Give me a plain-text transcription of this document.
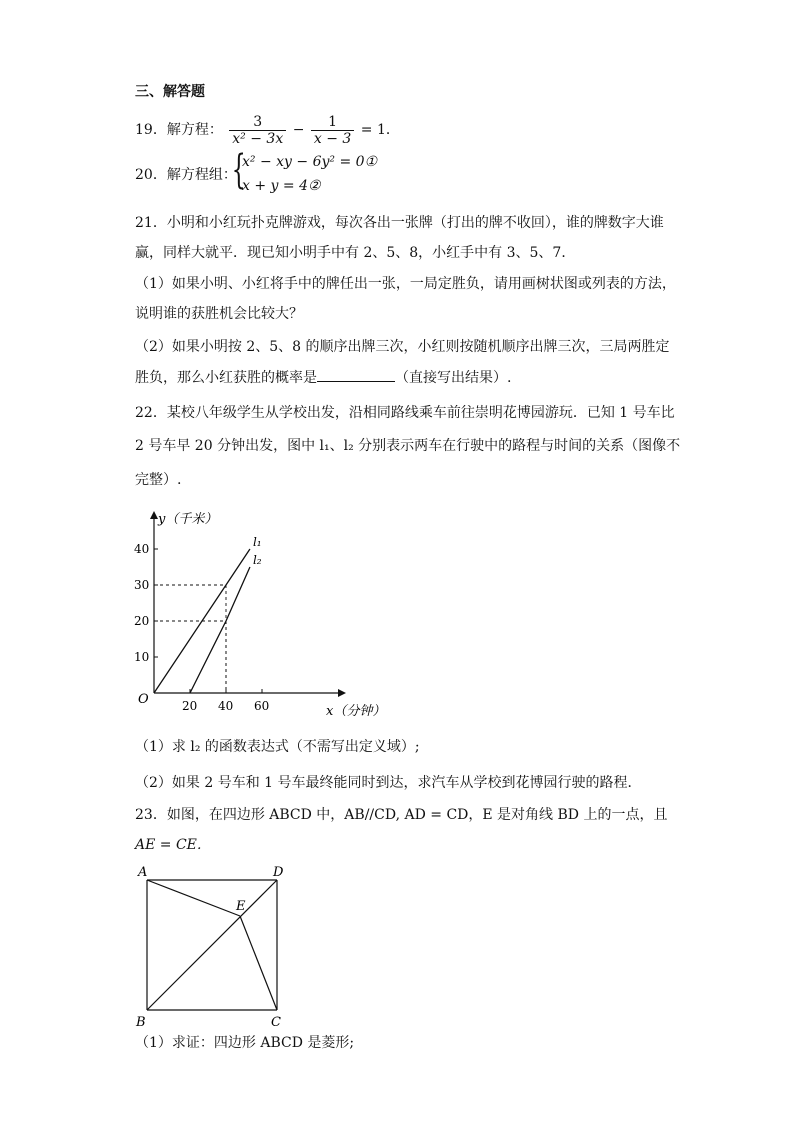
三、解答题
19．解方程： $\frac{3}{\text{x² − 3x}} - \frac{1}{x - 3} = 1$．
20．解方程组：
{
x² − xy − 6y² = 0①
x + y = 4②
21．小明和小红玩扑克牌游戏，每次各出一张牌（打出的牌不收回），谁的牌数字大谁
赢，同样大就平．现已知小明手中有 2、5、8，小红手中有 3、5、7．
（1）如果小明、小红将手中的牌任出一张，一局定胜负，请用画树状图或列表的方法，
说明谁的获胜机会比较大？
（2）如果小明按 2、5、8 的顺序出牌三次，小红则按随机顺序出牌三次，三局两胜定
胜负，那么小红获胜的概率是	（直接写出结果）.
22．某校八年级学生从学校出发，沿相同路线乘车前往崇明花博园游玩．已知 1 号车比
2 号车早 20 分钟出发，图中 l₁、l₂ 分别表示两车在行驶中的路程与时间的关系（图像不
完整）.
10
20
30
40
20 40 60
l₁
l₂
y（千米）
x（分钟）
O
（1）求 l₂ 的函数表达式（不需写出定义域）;
（2）如果 2 号车和 1 号车最终能同时到达，求汽车从学校到花博园行驶的路程．
23．如图，在四边形 ABCD 中，AB//CD, AD = CD，E 是对角线 BD 上的一点，且
AE = CE．
A	D
E
B	C
（1）求证：四边形 ABCD 是菱形;
